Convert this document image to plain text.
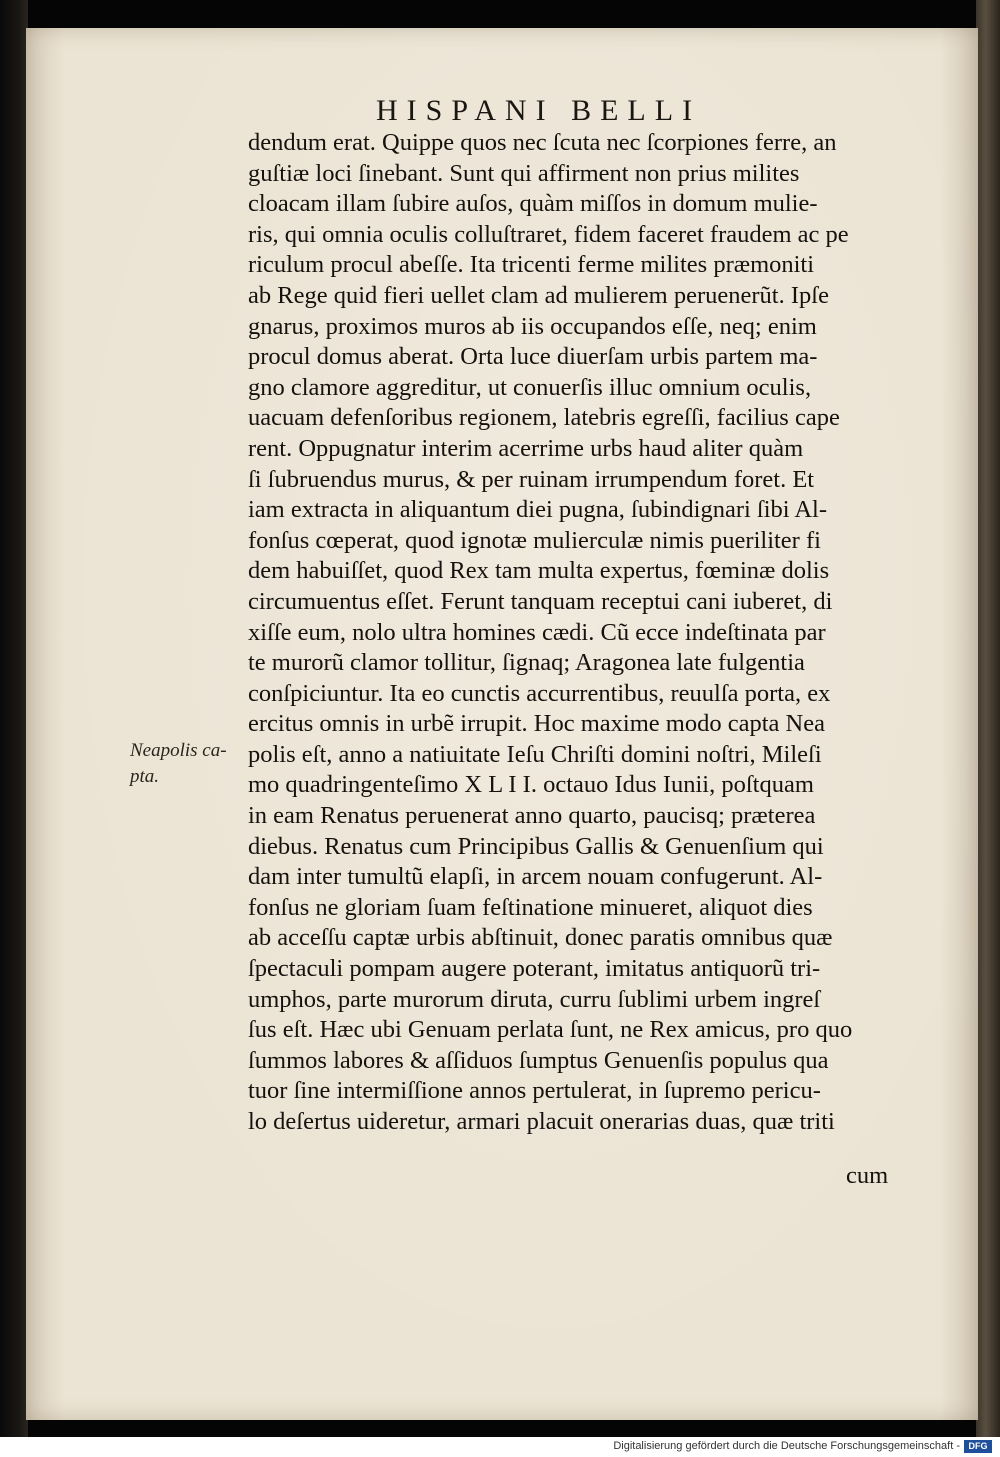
HISPANI BELLI
Neapolis ca-
pta.
dendum erat. Quippe quos nec ſcuta nec ſcorpiones ferre, an
guſtiæ loci ſinebant. Sunt qui affirment non prius milites
cloacam illam ſubire auſos, quàm miſſos in domum mulie-
ris, qui omnia oculis colluſtraret, fidem faceret fraudem ac pe
riculum procul abeſſe. Ita tricenti ferme milites præmoniti
ab Rege quid fieri uellet clam ad mulierem peruenerũt. Ipſe
gnarus, proximos muros ab iis occupandos eſſe, neq; enim
procul domus aberat. Orta luce diuerſam urbis partem ma-
gno clamore aggreditur, ut conuerſis illuc omnium oculis,
uacuam defenſoribus regionem, latebris egreſſi, facilius cape
rent. Oppugnatur interim acerrime urbs haud aliter quàm
ſi ſubruendus murus, & per ruinam irrumpendum foret. Et
iam extracta in aliquantum diei pugna, ſubindignari ſibi Al-
fonſus cœperat, quod ignotæ mulierculæ nimis pueriliter fi
dem habuiſſet, quod Rex tam multa expertus, fœminæ dolis
circumuentus eſſet. Ferunt tanquam receptui cani iuberet, di
xiſſe eum, nolo ultra homines cædi. Cũ ecce indeſtinata par
te murorũ clamor tollitur, ſignaq; Aragonea late fulgentia
conſpiciuntur. Ita eo cunctis accurrentibus, reuulſa porta, ex
ercitus omnis in urbẽ irrupit. Hoc maxime modo capta Nea
polis eſt, anno a natiuitate Ieſu Chriſti domini noſtri, Mileſi
mo quadringenteſimo X L I I. octauo Idus Iunii, poſtquam
in eam Renatus peruenerat anno quarto, paucisq; præterea
diebus. Renatus cum Principibus Gallis & Genuenſium qui
dam inter tumultũ elapſi, in arcem nouam confugerunt. Al-
fonſus ne gloriam ſuam feſtinatione minueret, aliquot dies
ab acceſſu captæ urbis abſtinuit, donec paratis omnibus quæ
ſpectaculi pompam augere poterant, imitatus antiquorũ tri-
umphos, parte murorum diruta, curru ſublimi urbem ingreſ
ſus eſt. Hæc ubi Genuam perlata ſunt, ne Rex amicus, pro quo
ſummos labores & aſſiduos ſumptus Genuenſis populus qua
tuor ſine intermiſſione annos pertulerat, in ſupremo pericu-
lo deſertus uideretur, armari placuit onerarias duas, quæ triti
cum
Digitalisierung gefördert durch die Deutsche Forschungsgemeinschaft - DFG
